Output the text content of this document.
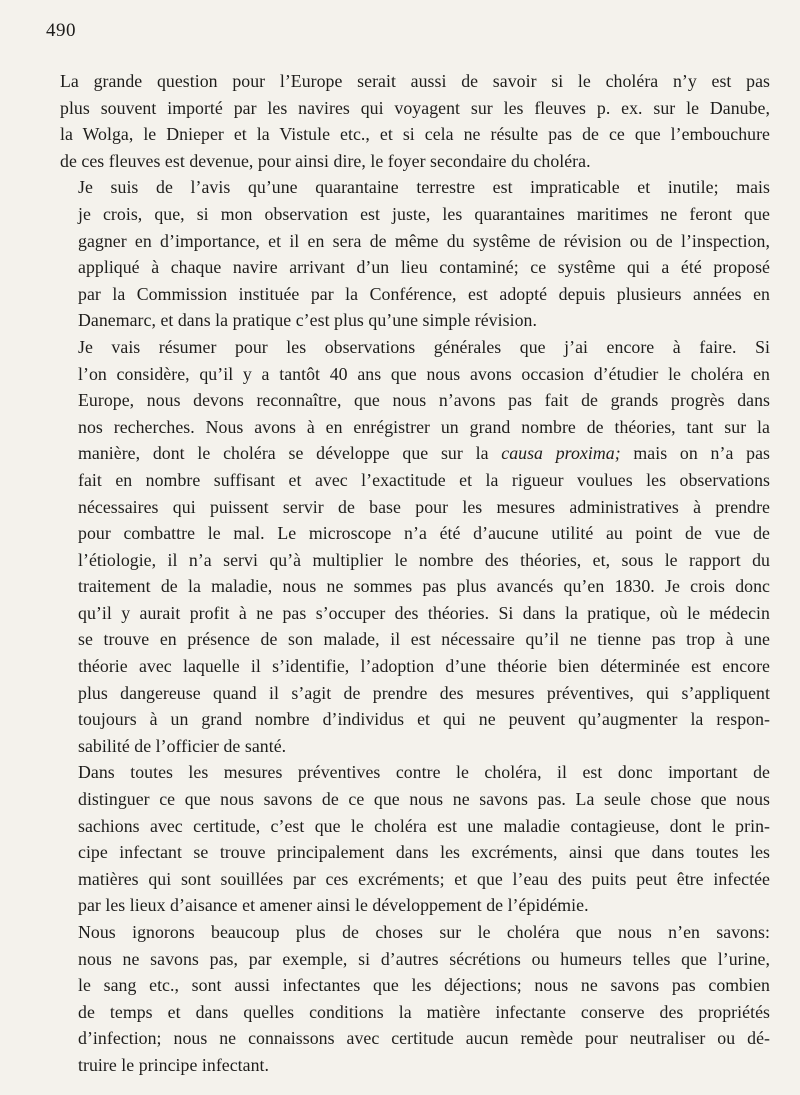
490

La grande question pour l’Europe serait aussi de savoir si le choléra n’y est pas
plus souvent importé par les navires qui voyagent sur les fleuves p. ex. sur le Danube,
la Wolga, le Dnieper et la Vistule etc., et si cela ne résulte pas de ce que l’embouchure
de ces fleuves est devenue, pour ainsi dire, le foyer secondaire du choléra.

Je suis de l’avis qu’une quarantaine terrestre est impraticable et inutile; mais
je crois, que, si mon observation est juste, les quarantaines maritimes ne feront que
gagner en d’importance, et il en sera de même du systême de révision ou de l’inspection,
appliqué à chaque navire arrivant d’un lieu contaminé; ce systême qui a été proposé
par la Commission instituée par la Conférence, est adopté depuis plusieurs années en
Danemarc, et dans la pratique c’est plus qu’une simple révision.

Je vais résumer pour les observations générales que j’ai encore à faire. Si
l’on considère, qu’il y a tantôt 40 ans que nous avons occasion d’étudier le choléra en
Europe, nous devons reconnaître, que nous n’avons pas fait de grands progrès dans
nos recherches. Nous avons à en enrégistrer un grand nombre de théories, tant sur la
manière, dont le choléra se développe que sur la causa proxima; mais on n’a pas
fait en nombre suffisant et avec l’exactitude et la rigueur voulues les observations
nécessaires qui puissent servir de base pour les mesures administratives à prendre
pour combattre le mal. Le microscope n’a été d’aucune utilité au point de vue de
l’étiologie, il n’a servi qu’à multiplier le nombre des théories, et, sous le rapport du
traitement de la maladie, nous ne sommes pas plus avancés qu’en 1830. Je crois donc
qu’il y aurait profit à ne pas s’occuper des théories. Si dans la pratique, où le médecin
se trouve en présence de son malade, il est nécessaire qu’il ne tienne pas trop à une
théorie avec laquelle il s’identifie, l’adoption d’une théorie bien déterminée est encore
plus dangereuse quand il s’agit de prendre des mesures préventives, qui s’appliquent
toujours à un grand nombre d’individus et qui ne peuvent qu’augmenter la respon-
sabilité de l’officier de santé.

Dans toutes les mesures préventives contre le choléra, il est donc important de
distinguer ce que nous savons de ce que nous ne savons pas. La seule chose que nous
sachions avec certitude, c’est que le choléra est une maladie contagieuse, dont le prin-
cipe infectant se trouve principalement dans les excréments, ainsi que dans toutes les
matières qui sont souillées par ces excréments; et que l’eau des puits peut être infectée
par les lieux d’aisance et amener ainsi le développement de l’épidémie.

Nous ignorons beaucoup plus de choses sur le choléra que nous n’en savons:
nous ne savons pas, par exemple, si d’autres sécrétions ou humeurs telles que l’urine,
le sang etc., sont aussi infectantes que les déjections; nous ne savons pas combien
de temps et dans quelles conditions la matière infectante conserve des propriétés
d’infection; nous ne connaissons avec certitude aucun remède pour neutraliser ou dé-
truire le principe infectant.
